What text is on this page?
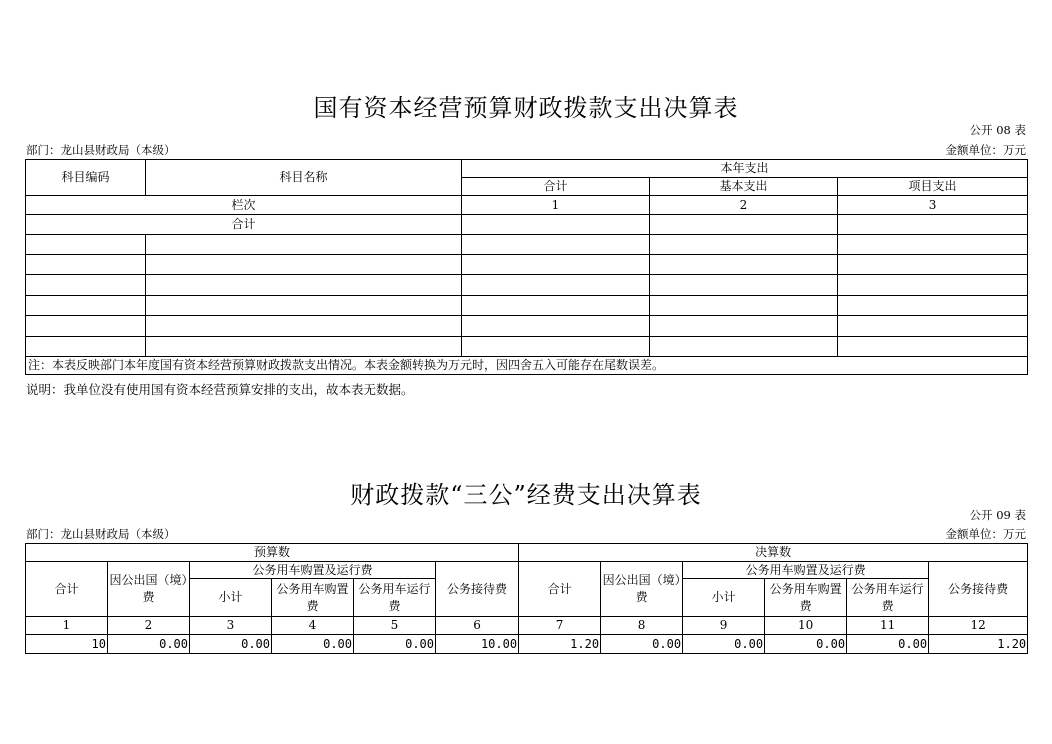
国有资本经营预算财政拨款支出决算表
公开 08 表
部门：龙山县财政局（本级）	金额单位：万元
科目编码	科目名称	本年支出		
		合计	基本支出	项目支出
栏次		1	2	3
合计				

注：本表反映部门本年度国有资本经营预算财政拨款支出情况。本表金额转换为万元时，因四舍五入可能存在尾数误差。				
说明：我单位没有使用国有资本经营预算安排的支出，故本表无数据。
财政拨款“三公”经费支出决算表
公开 09 表
部门：龙山县财政局（本级）	金额单位：万元
预算数						决算数					
合计	因公出国（境）费	公务用车购置及运行费			公务接待费	合计	因公出国（境）费	公务用车购置及运行费			公务接待费
		小计	公务用车购置费	公务用车运行费				小计	公务用车购置费	公务用车运行费	
1	2	3	4	5	6	7	8	9	10	11	12
10	0.00	0.00	0.00	0.00	10.00	1.20	0.00	0.00	0.00	0.00	1.20
